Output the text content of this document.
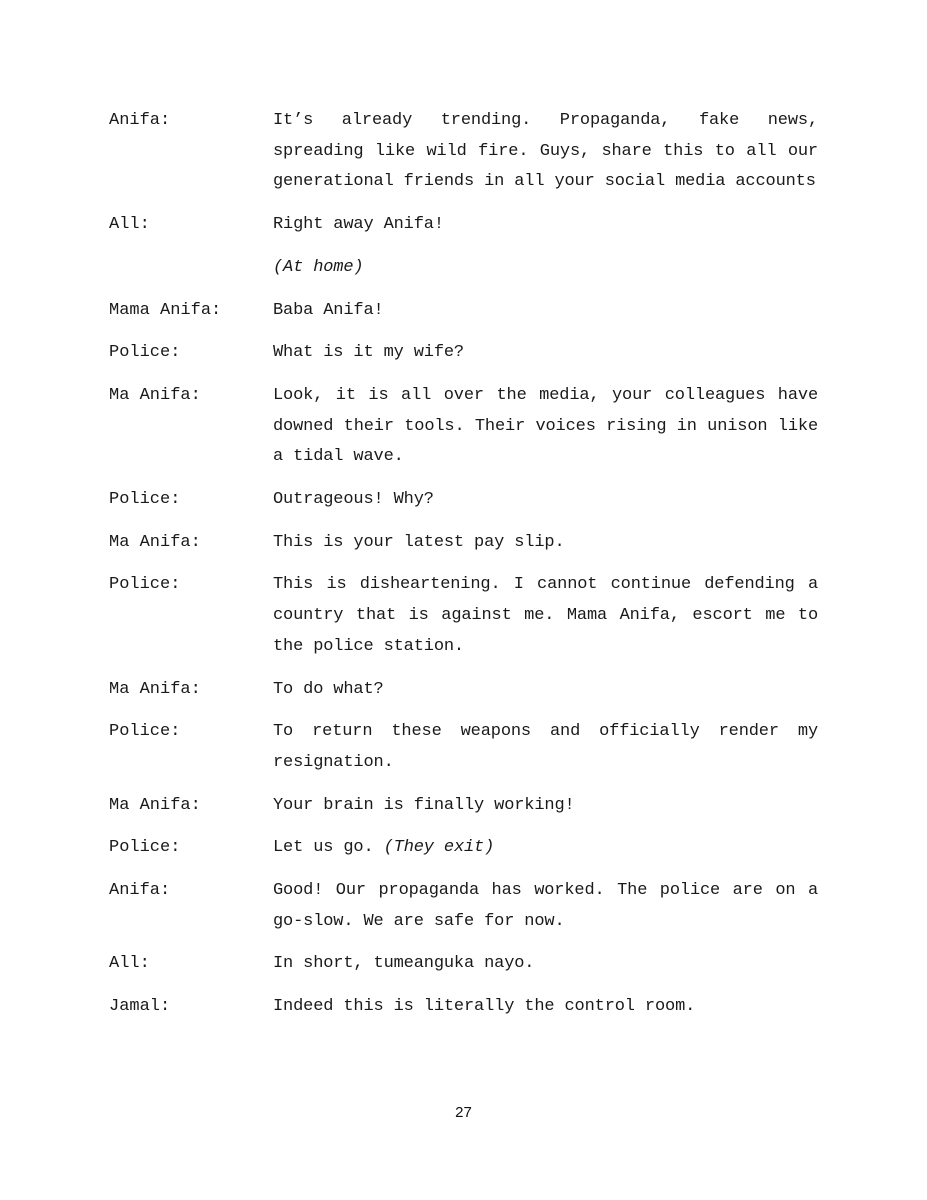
Anifa:	It’s already trending. Propaganda, fake news, spreading like wild fire. Guys, share this to all our generational friends in all your social media accounts
All:	Right away Anifa!
(At home)
Mama Anifa:	Baba Anifa!
Police:	What is it my wife?
Ma Anifa:	Look, it is all over the media, your colleagues have downed their tools. Their voices rising in unison like a tidal wave.
Police:	Outrageous! Why?
Ma Anifa:	This is your latest pay slip.
Police:	This is disheartening. I cannot continue defending a country that is against me. Mama Anifa, escort me to the police station.
Ma Anifa:	To do what?
Police:	To return these weapons and officially render my resignation.
Ma Anifa:	Your brain is finally working!
Police:	Let us go. (They exit)
Anifa:	Good! Our propaganda has worked. The police are on a go-slow. We are safe for now.
All:	In short, tumeanguka nayo.
Jamal:	Indeed this is literally the control room.
27
